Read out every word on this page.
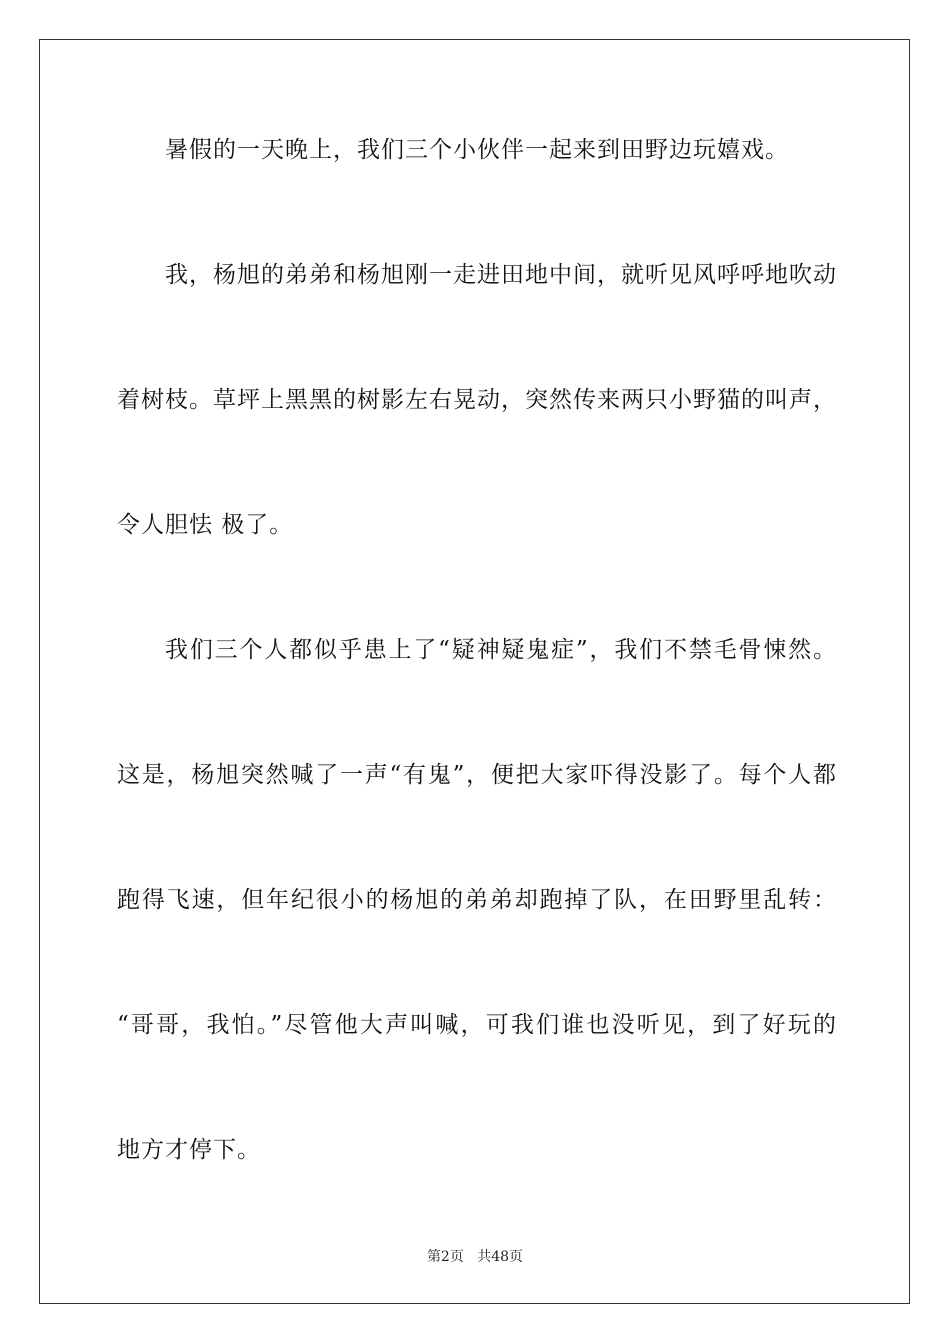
暑假的一天晚上，我们三个小伙伴一起来到田野边玩嬉戏。
我，杨旭的弟弟和杨旭刚一走进田地中间，就听见风呼呼地吹动
着树枝。草坪上黑黑的树影左右晃动，突然传来两只小野猫的叫声，
令人胆怯 极了。
我们三个人都似乎患上了“疑神疑鬼症”，我们不禁毛骨悚然。
这是，杨旭突然喊了一声“有鬼”，便把大家吓得没影了。每个人都
跑得飞速，但年纪很小的杨旭的弟弟却跑掉了队，在田野里乱转：
“哥哥，我怕。”尽管他大声叫喊，可我们谁也没听见，到了好玩的
地方才停下。
第2页 共48页
